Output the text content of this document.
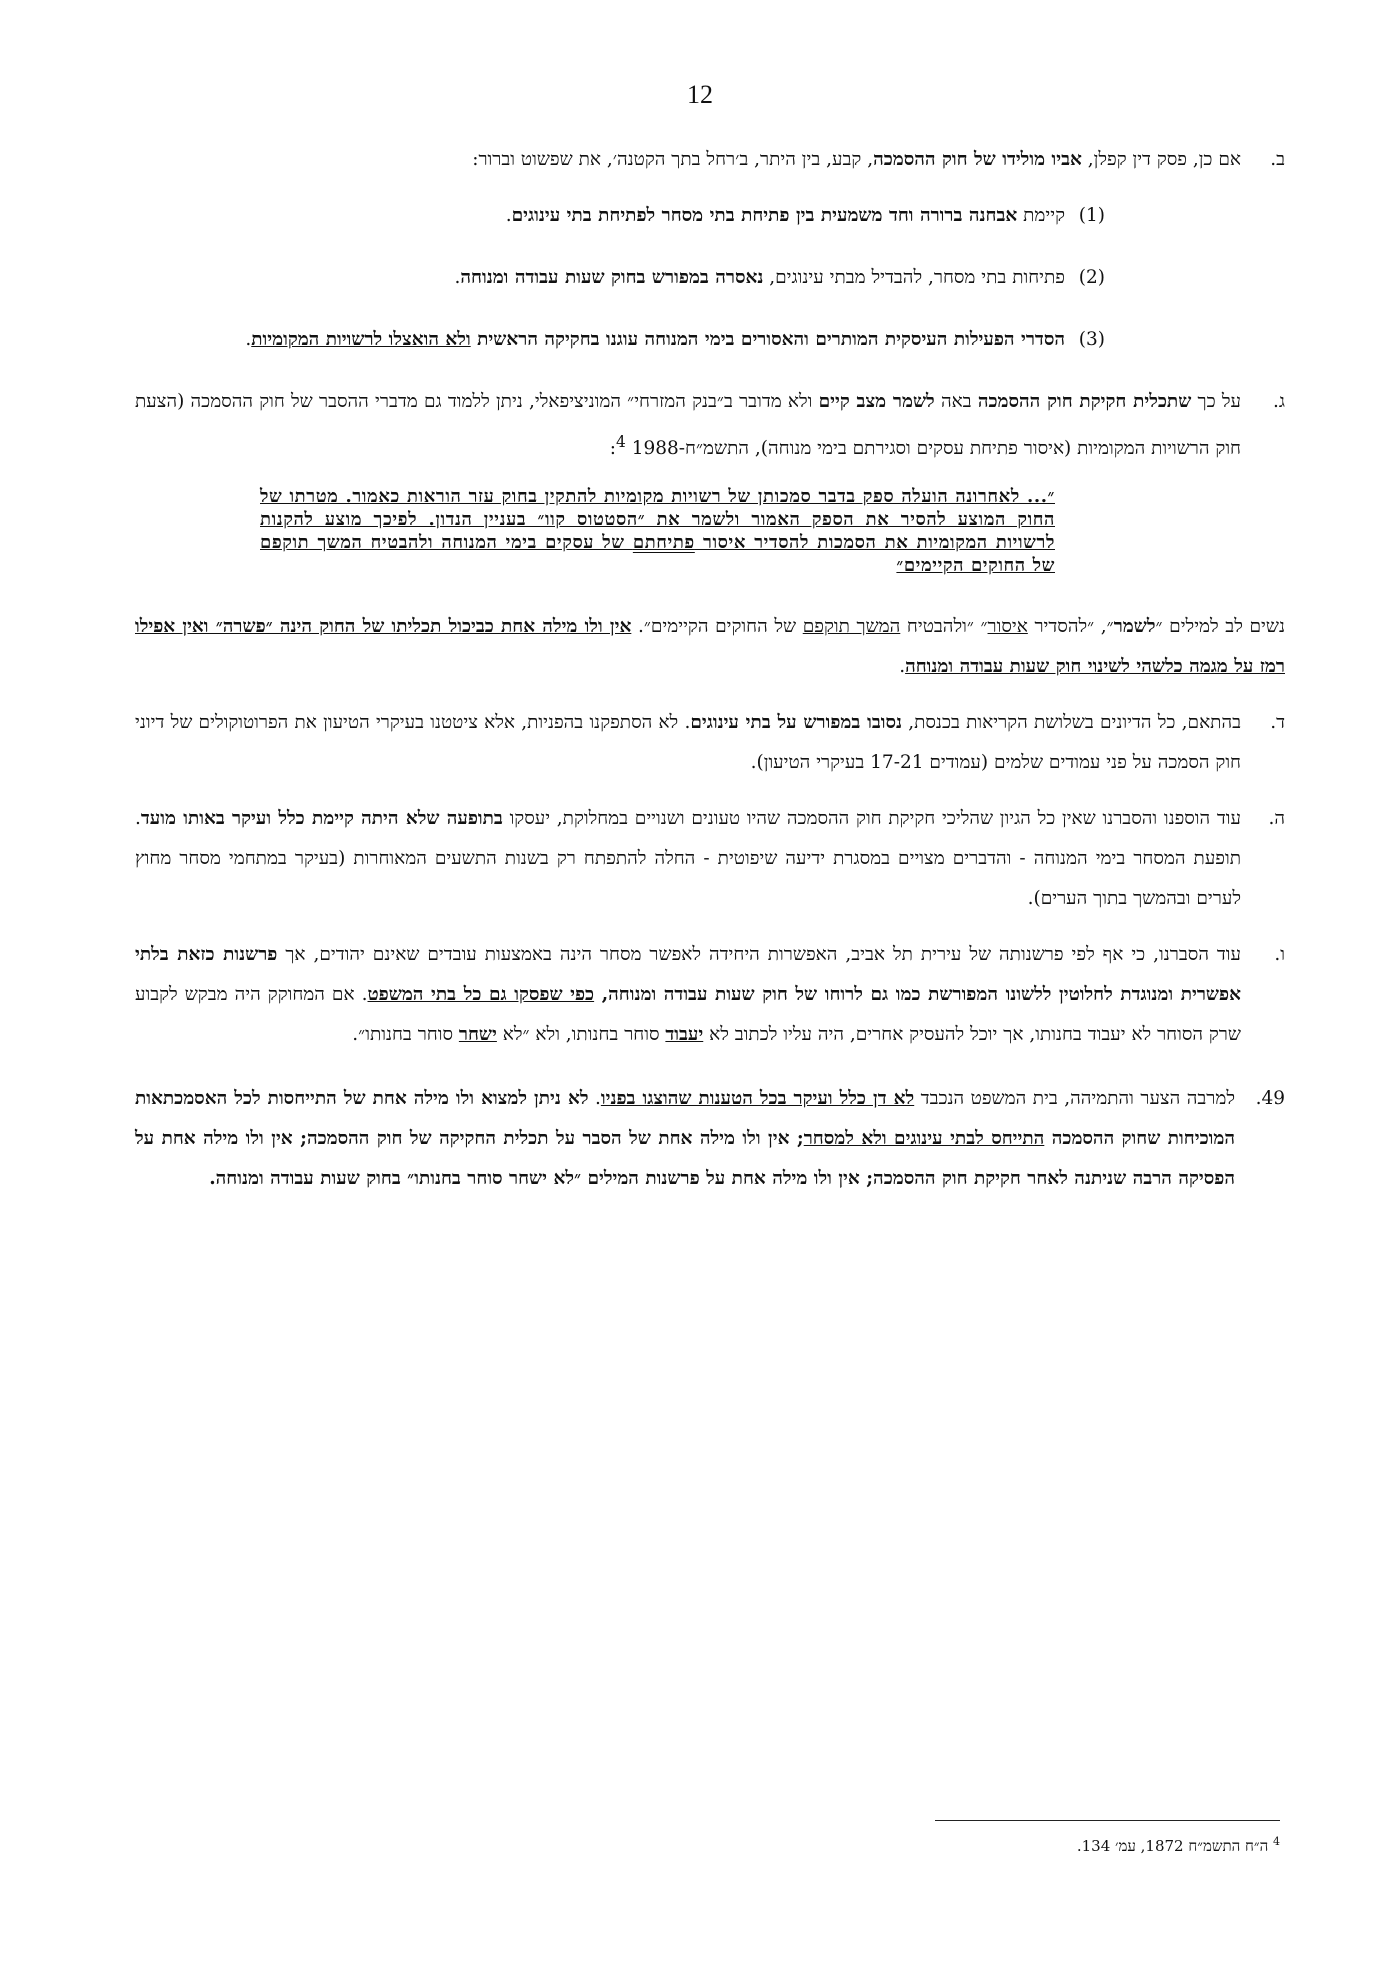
12
ב.
אם כן, פסק דין קפלן, אביו מולידו של חוק ההסמכה, קבע, בין היתר, ב׳רחל בתך הקטנה׳, את שפשוט וברור:
(1)
קיימת אבחנה ברורה וחד משמעית בין פתיחת בתי מסחר לפתיחת בתי עינוגים.
(2)
פתיחות בתי מסחר, להבדיל מבתי עינוגים, נאסרה במפורש בחוק שעות עבודה ומנוחה.
(3)
הסדרי הפעילות העיסקית המותרים והאסורים בימי המנוחה עוגנו בחקיקה הראשית ולא הואצלו לרשויות המקומיות.
ג.
על כך שתכלית חקיקת חוק ההסמכה באה לשמר מצב קיים ולא מדובר ב״בנק המזרחי״ המוניציפאלי, ניתן ללמוד גם מדברי ההסבר של חוק ההסמכה (הצעת חוק הרשויות המקומיות (איסור פתיחת עסקים וסגירתם בימי מנוחה), התשמ״ח-1988 $^4$:
״... לאחרונה הועלה ספק בדבר סמכותן של רשויות מקומיות להתקין בחוק עזר הוראות כאמור. מטרתו של החוק המוצע להסיר את הספק האמור ולשמר את ״הסטטוס קוו״ בעניין הנדון. לפיכך מוצע להקנות לרשויות המקומיות את הסמכות להסדיר איסור פתיחתם של עסקים בימי המנוחה ולהבטיח המשך תוקפם של החוקים הקיימים״
נשים לב למילים ״לשמר״, ״להסדיר איסור״ ״ולהבטיח המשך תוקפם של החוקים הקיימים״. אין ולו מילה אחת כביכול תכליתו של החוק הינה ״פשרה״ ואין אפילו רמז על מגמה כלשהי לשינוי חוק שעות עבודה ומנוחה.
ד.
בהתאם, כל הדיונים בשלושת הקריאות בכנסת, נסובו במפורש על בתי עינוגים. לא הסתפקנו בהפניות, אלא ציטטנו בעיקרי הטיעון את הפרוטוקולים של דיוני חוק הסמכה על פני עמודים שלמים (עמודים 17-21 בעיקרי הטיעון).
ה.
עוד הוספנו והסברנו שאין כל הגיון שהליכי חקיקת חוק ההסמכה שהיו טעונים ושנויים במחלוקת, יעסקו בתופעה שלא היתה קיימת כלל ועיקר באותו מועד. תופעת המסחר בימי המנוחה - והדברים מצויים במסגרת ידיעה שיפוטית - החלה להתפתח רק בשנות התשעים המאוחרות (בעיקר במתחמי מסחר מחוץ לערים ובהמשך בתוך הערים).
ו.
עוד הסברנו, כי אף לפי פרשנותה של עירית תל אביב, האפשרות היחידה לאפשר מסחר הינה באמצעות עובדים שאינם יהודים, אך פרשנות כזאת בלתי אפשרית ומנוגדת לחלוטין ללשונו המפורשת כמו גם לרוחו של חוק שעות עבודה ומנוחה, כפי שפסקו גם כל בתי המשפט. אם המחוקק היה מבקש לקבוע שרק הסוחר לא יעבוד בחנותו, אך יוכל להעסיק אחרים, היה עליו לכתוב לא יעבוד סוחר בחנותו, ולא ״לא ישחר סוחר בחנותו״.
49.
למרבה הצער והתמיהה, בית המשפט הנכבד לא דן כלל ועיקר בכל הטענות שהוצגו בפניו. לא ניתן למצוא ולו מילה אחת של התייחסות לכל האסמכתאות המוכיחות שחוק ההסמכה התייחס לבתי עינוגים ולא למסחר; אין ולו מילה אחת של הסבר על תכלית החקיקה של חוק ההסמכה; אין ולו מילה אחת על הפסיקה הרבה שניתנה לאחר חקיקת חוק ההסמכה; אין ולו מילה אחת על פרשנות המילים ״לא ישחר סוחר בחנותו״ בחוק שעות עבודה ומנוחה.
$^4$ ה״ח התשמ״ח 1872, עמ׳ 134.
